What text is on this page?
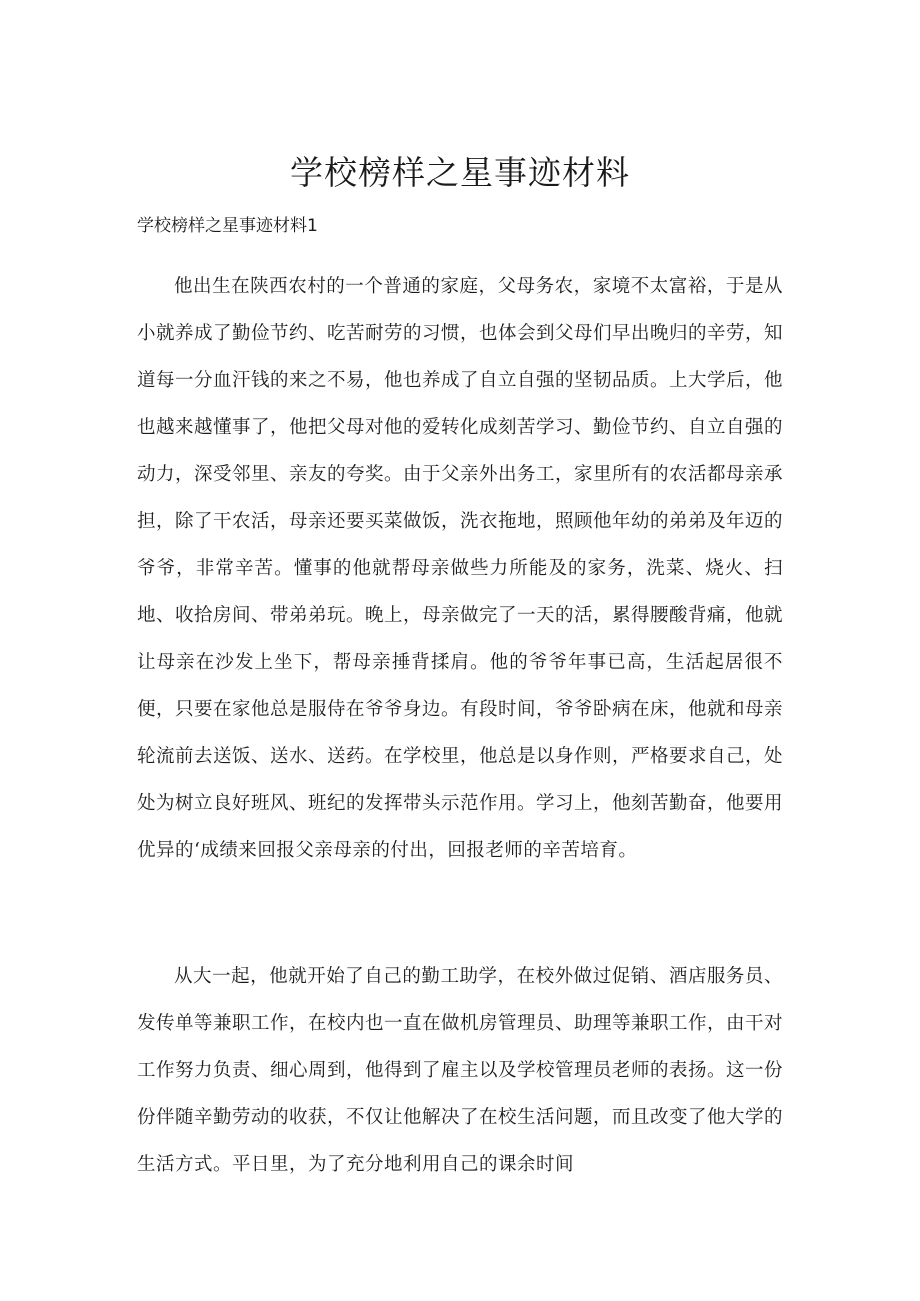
学校榜样之星事迹材料

学校榜样之星事迹材料1

他出生在陕西农村的一个普通的家庭，父母务农，家境不太富裕，于是从小就养成了勤俭节约、吃苦耐劳的习惯，也体会到父母们早出晚归的辛劳，知道每一分血汗钱的来之不易，他也养成了自立自强的坚韧品质。上大学后，他也越来越懂事了，他把父母对他的爱转化成刻苦学习、勤俭节约、自立自强的动力，深受邻里、亲友的夸奖。由于父亲外出务工，家里所有的农活都母亲承担，除了干农活，母亲还要买菜做饭，洗衣拖地，照顾他年幼的弟弟及年迈的爷爷，非常辛苦。懂事的他就帮母亲做些力所能及的家务，洗菜、烧火、扫地、收拾房间、带弟弟玩。晚上，母亲做完了一天的活，累得腰酸背痛，他就让母亲在沙发上坐下，帮母亲捶背揉肩。他的爷爷年事已高，生活起居很不便，只要在家他总是服侍在爷爷身边。有段时间，爷爷卧病在床，他就和母亲轮流前去送饭、送水、送药。在学校里，他总是以身作则，严格要求自己，处处为树立良好班风、班纪的发挥带头示范作用。学习上，他刻苦勤奋，他要用优异的‘成绩来回报父亲母亲的付出，回报老师的辛苦培育。

从大一起，他就开始了自己的勤工助学，在校外做过促销、酒店服务员、发传单等兼职工作，在校内也一直在做机房管理员、助理等兼职工作，由干对工作努力负责、细心周到，他得到了雇主以及学校管理员老师的表扬。这一份份伴随辛勤劳动的收获，不仅让他解决了在校生活问题，而且改变了他大学的生活方式。平日里，为了充分地利用自己的课余时间
